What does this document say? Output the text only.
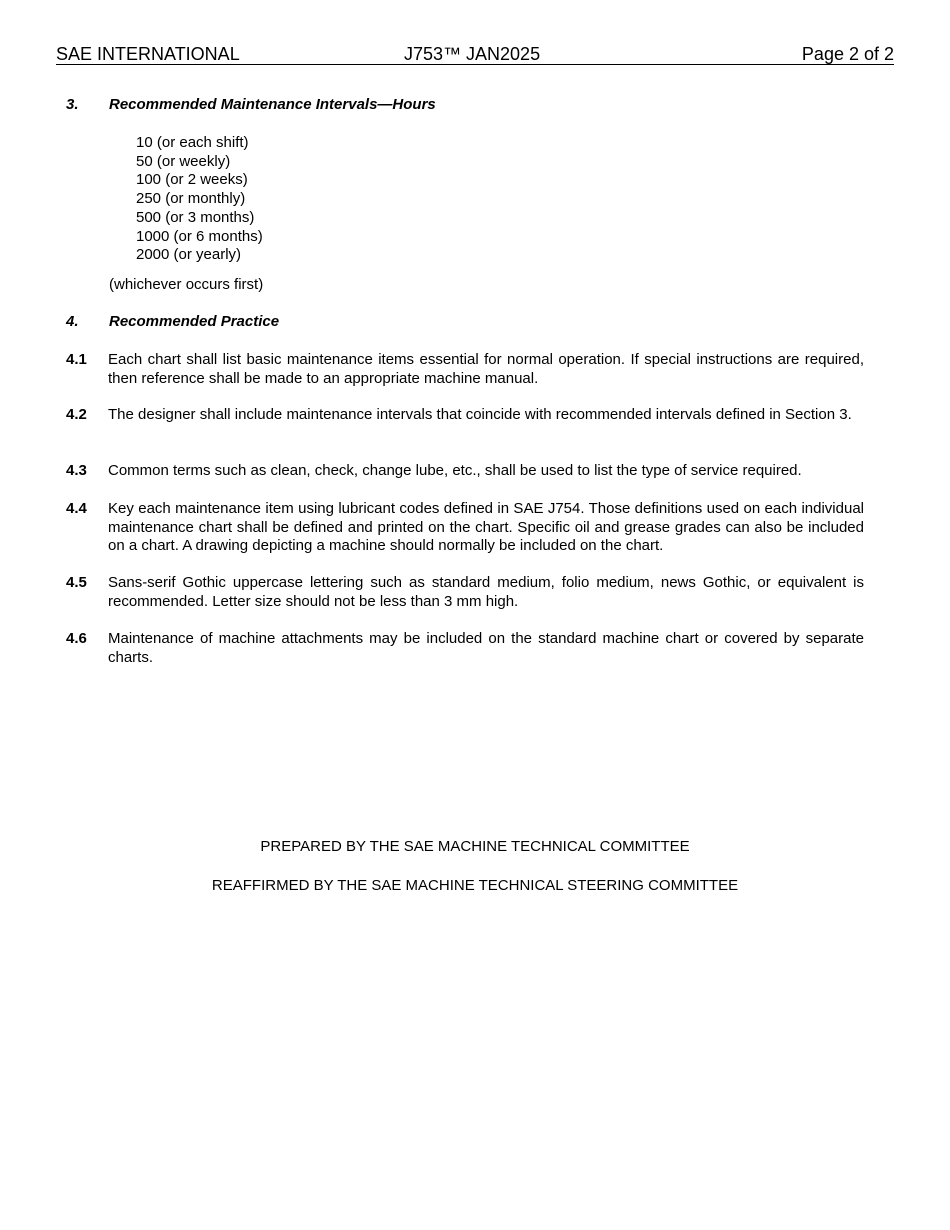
SAE INTERNATIONAL	J753™ JAN2025	Page 2 of 2
3. Recommended Maintenance Intervals—Hours
10 (or each shift)
50 (or weekly)
100 (or 2 weeks)
250 (or monthly)
500 (or 3 months)
1000 (or 6 months)
2000 (or yearly)
(whichever occurs first)
4. Recommended Practice
4.1 Each chart shall list basic maintenance items essential for normal operation. If special instructions are required, then reference shall be made to an appropriate machine manual.
4.2 The designer shall include maintenance intervals that coincide with recommended intervals defined in Section 3.
4.3 Common terms such as clean, check, change lube, etc., shall be used to list the type of service required.
4.4 Key each maintenance item using lubricant codes defined in SAE J754. Those definitions used on each individual maintenance chart shall be defined and printed on the chart. Specific oil and grease grades can also be included on a chart. A drawing depicting a machine should normally be included on the chart.
4.5 Sans-serif Gothic uppercase lettering such as standard medium, folio medium, news Gothic, or equivalent is recommended. Letter size should not be less than 3 mm high.
4.6 Maintenance of machine attachments may be included on the standard machine chart or covered by separate charts.
PREPARED BY THE SAE MACHINE TECHNICAL COMMITTEE
REAFFIRMED BY THE SAE MACHINE TECHNICAL STEERING COMMITTEE
